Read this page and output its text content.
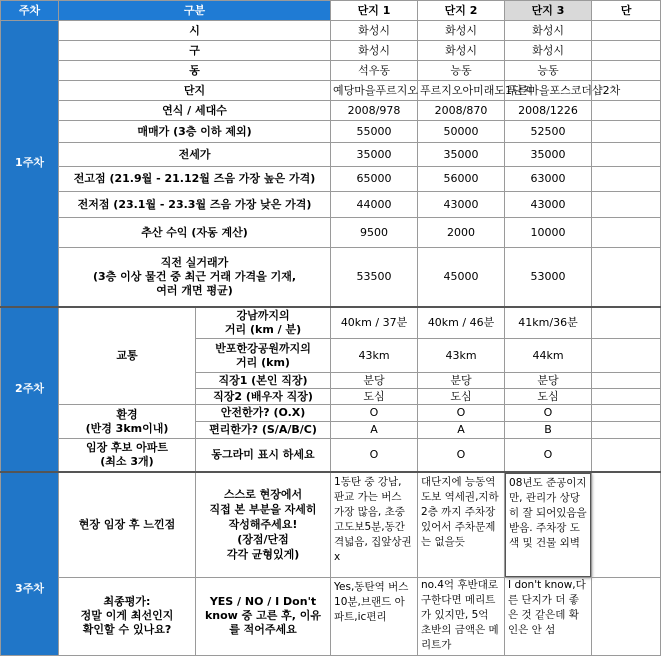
주차	구분		단지 1	단지 2	단지 3	단
1주차	시		화성시	화성시	화성시	
	구		화성시	화성시	화성시	
	동		석우동	능동	능동	
	단지		예당마을푸르지오	푸르지오아미래도1단지	푸른마을포스코더샵2차	
	연식 / 세대수		2008/978	2008/870	2008/1226	
	매매가 (3층 이하 제외)		55000	50000	52500	
	전세가		35000	35000	35000	
	전고점 (21.9월 - 21.12월 즈음 가장 높은 가격)		65000	56000	63000	
	전저점 (23.1월 - 23.3월 즈음 가장 낮은 가격)		44000	43000	43000	
	추산 수익 (자동 계산)		9500	2000	10000	
	직전 실거래가
(3층 이상 물건 중 최근 거래 가격을 기재,
여러 개면 평균)		53500	45000	53000	
2주차	교통	강남까지의
거리 (km / 분)	40km / 37분	40km / 46분	41km/36분	
		반포한강공원까지의
거리 (km)	43km	43km	44km	
		직장1 (본인 직장)	분당	분당	분당	
		직장2 (배우자 직장)	도심	도심	도심	
	환경
(반경 3km이내)	안전한가? (O.X)	O	O	O	
		편리한가? (S/A/B/C)	A	A	B	
	임장 후보 아파트
(최소 3개)	동그라미 표시 하세요	O	O	O	

3주차	현장 임장 후 느낀점	스스로 현장에서
직접 본 부분을 자세히
작성해주세요!
(장점/단점
각각 균형있게)	1동탄 중 강남, 판교 가는 버스 가장 많음, 초중고도보5분,동간격넓음, 집앞상권x	대단지에 능동역 도보 역세권,지하 2층 까지 주차장있어서 주차문제는 없을듯	08년도 준공이지만, 관리가 상당히 잘 되어있음을 받음. 주차장 도색 및 건물 외벽	

	최종평가:
정말 이게 최선인지
확인할 수 있나요?	YES / NO / I Don't
know 중 고른 후, 이유
를 적어주세요	Yes,동탄역 버스10분,브랜드 아파트,ic편리	no.4억 후반대로 구한다면 메리트가 있지만, 5억 초반의 금액은 메리트가	I don't know,다른 단지가 더 좋은 것 같은데 확인은 안 섬	
